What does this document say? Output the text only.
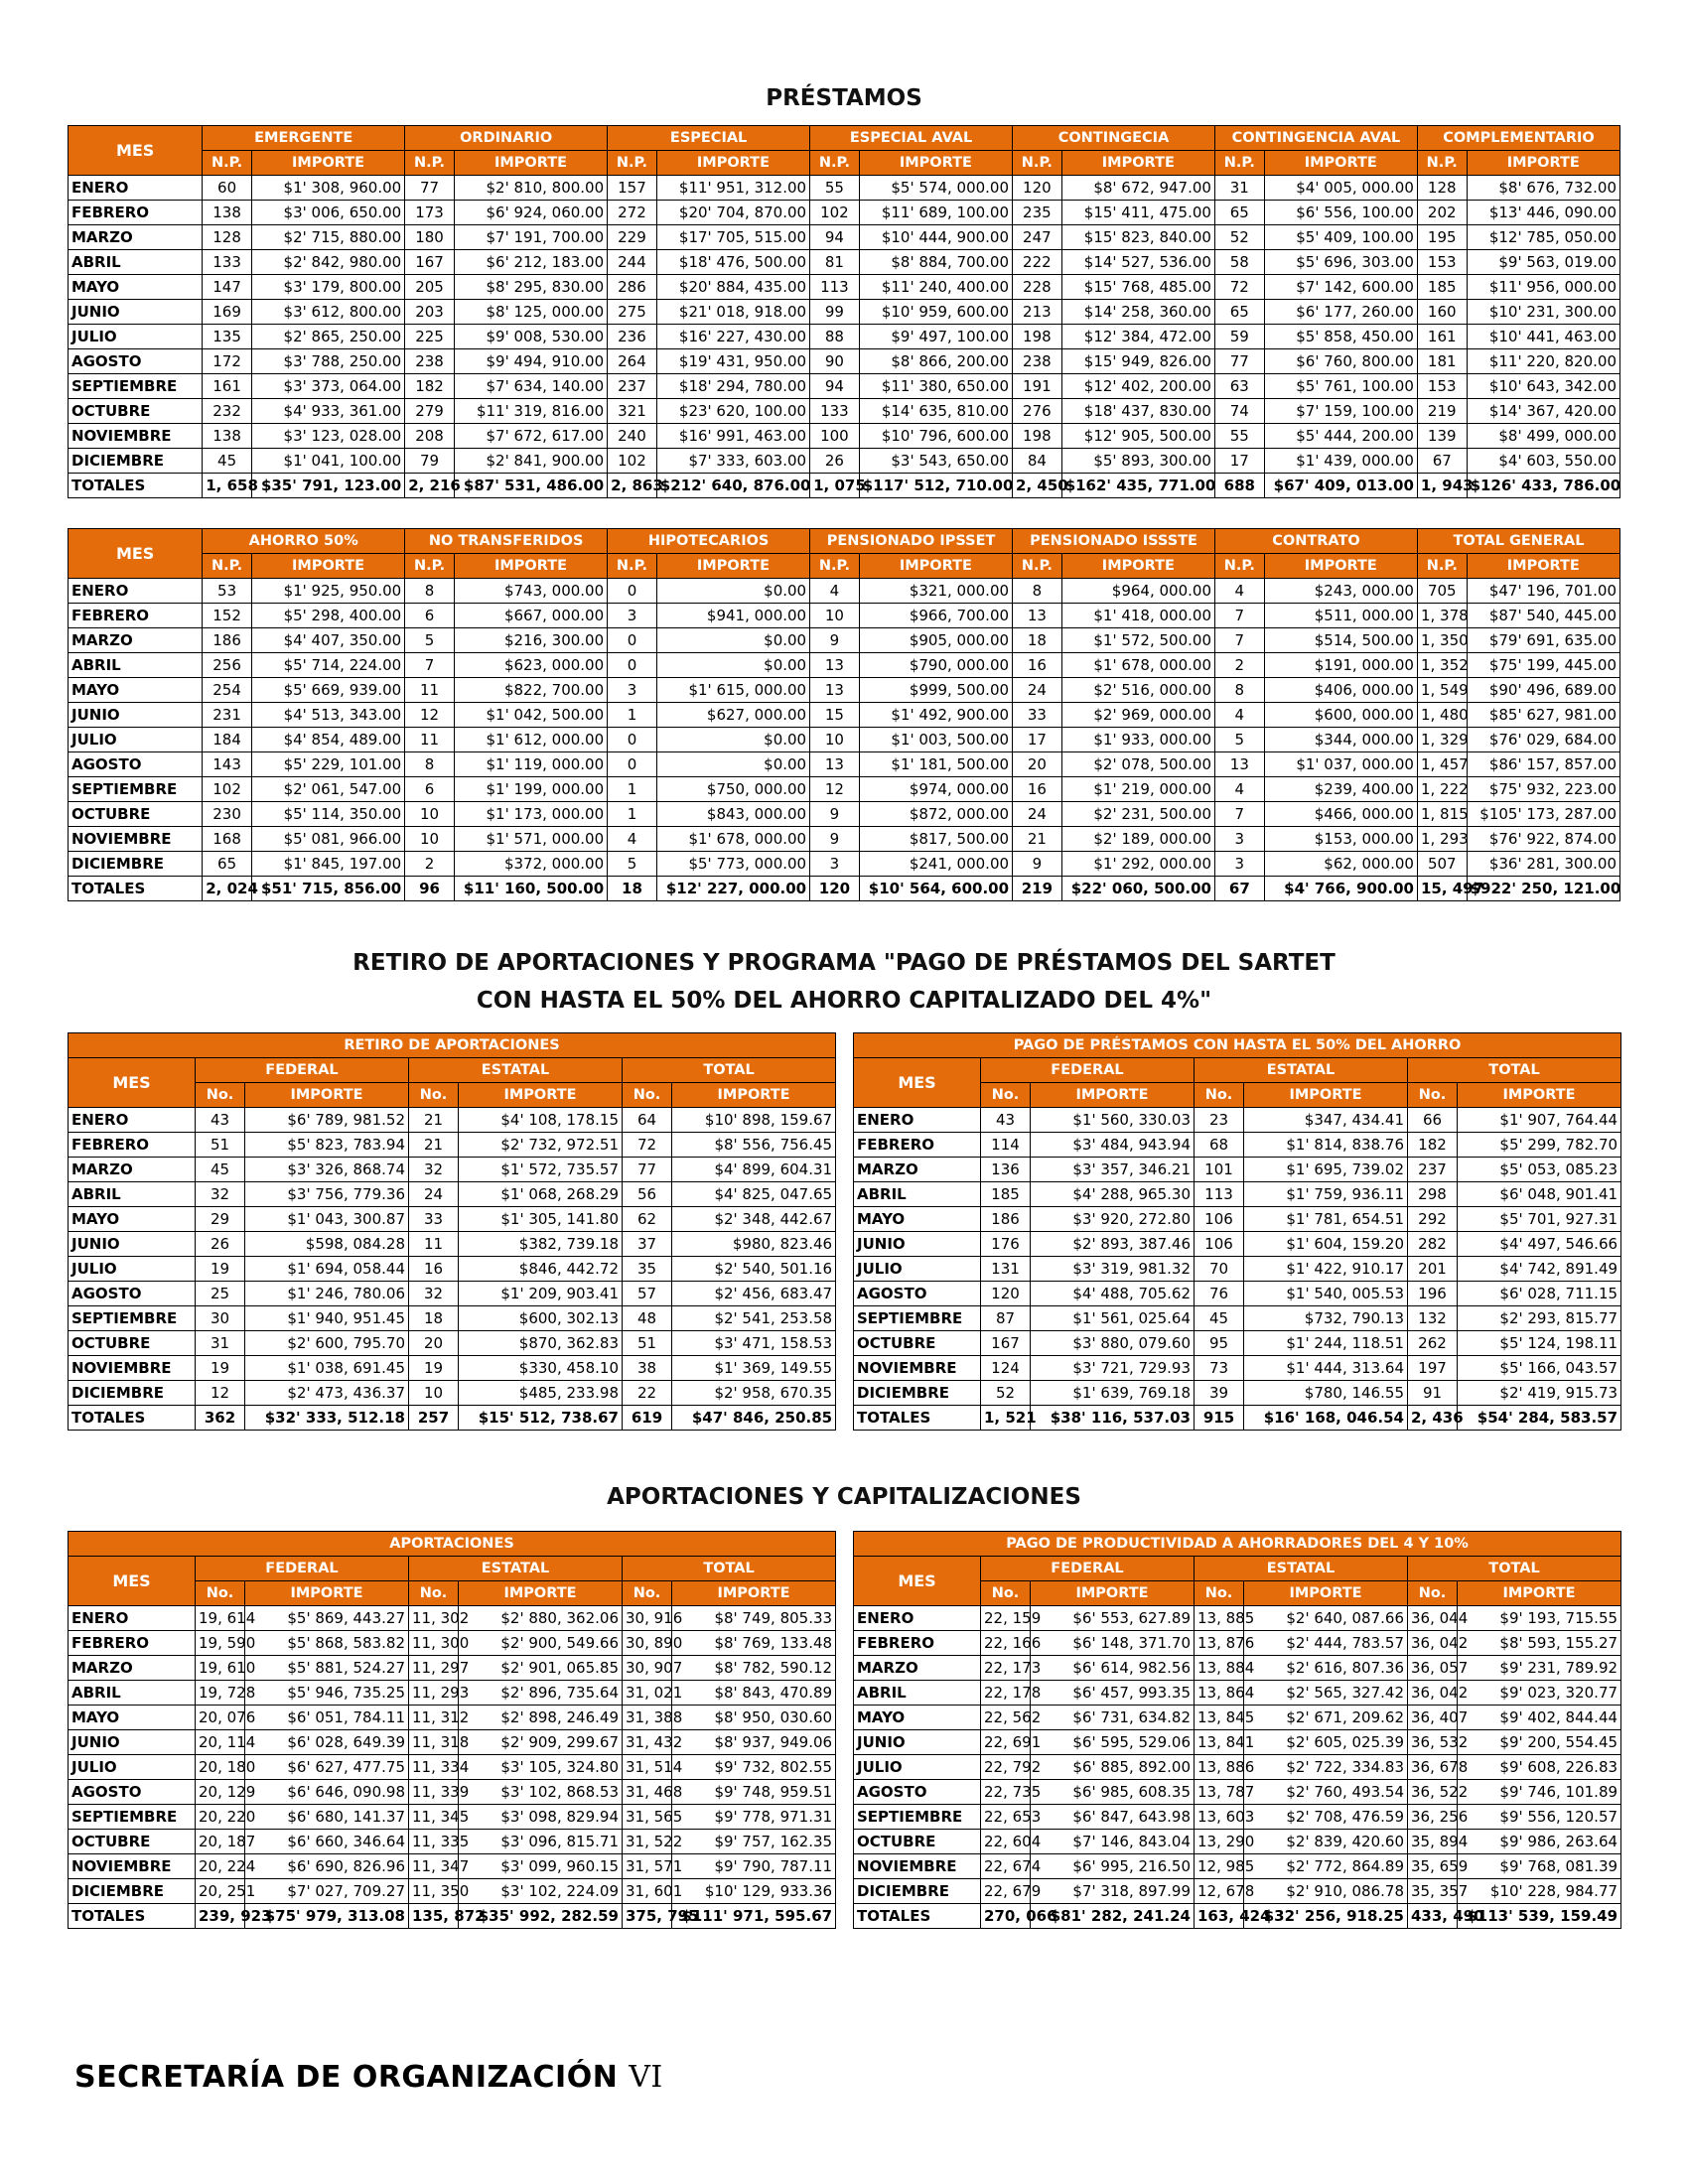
PRÉSTAMOS
MES	EMERGENTE		ORDINARIO		ESPECIAL		ESPECIAL AVAL		CONTINGECIA		CONTINGENCIA AVAL		COMPLEMENTARIO	
	N.P.	IMPORTE	N.P.	IMPORTE	N.P.	IMPORTE	N.P.	IMPORTE	N.P.	IMPORTE	N.P.	IMPORTE	N.P.	IMPORTE
ENERO	60	$1' 308, 960.00	77	$2' 810, 800.00	157	$11' 951, 312.00	55	$5' 574, 000.00	120	$8' 672, 947.00	31	$4' 005, 000.00	128	$8' 676, 732.00
FEBRERO	138	$3' 006, 650.00	173	$6' 924, 060.00	272	$20' 704, 870.00	102	$11' 689, 100.00	235	$15' 411, 475.00	65	$6' 556, 100.00	202	$13' 446, 090.00
MARZO	128	$2' 715, 880.00	180	$7' 191, 700.00	229	$17' 705, 515.00	94	$10' 444, 900.00	247	$15' 823, 840.00	52	$5' 409, 100.00	195	$12' 785, 050.00
ABRIL	133	$2' 842, 980.00	167	$6' 212, 183.00	244	$18' 476, 500.00	81	$8' 884, 700.00	222	$14' 527, 536.00	58	$5' 696, 303.00	153	$9' 563, 019.00
MAYO	147	$3' 179, 800.00	205	$8' 295, 830.00	286	$20' 884, 435.00	113	$11' 240, 400.00	228	$15' 768, 485.00	72	$7' 142, 600.00	185	$11' 956, 000.00
JUNIO	169	$3' 612, 800.00	203	$8' 125, 000.00	275	$21' 018, 918.00	99	$10' 959, 600.00	213	$14' 258, 360.00	65	$6' 177, 260.00	160	$10' 231, 300.00
JULIO	135	$2' 865, 250.00	225	$9' 008, 530.00	236	$16' 227, 430.00	88	$9' 497, 100.00	198	$12' 384, 472.00	59	$5' 858, 450.00	161	$10' 441, 463.00
AGOSTO	172	$3' 788, 250.00	238	$9' 494, 910.00	264	$19' 431, 950.00	90	$8' 866, 200.00	238	$15' 949, 826.00	77	$6' 760, 800.00	181	$11' 220, 820.00
SEPTIEMBRE	161	$3' 373, 064.00	182	$7' 634, 140.00	237	$18' 294, 780.00	94	$11' 380, 650.00	191	$12' 402, 200.00	63	$5' 761, 100.00	153	$10' 643, 342.00
OCTUBRE	232	$4' 933, 361.00	279	$11' 319, 816.00	321	$23' 620, 100.00	133	$14' 635, 810.00	276	$18' 437, 830.00	74	$7' 159, 100.00	219	$14' 367, 420.00
NOVIEMBRE	138	$3' 123, 028.00	208	$7' 672, 617.00	240	$16' 991, 463.00	100	$10' 796, 600.00	198	$12' 905, 500.00	55	$5' 444, 200.00	139	$8' 499, 000.00
DICIEMBRE	45	$1' 041, 100.00	79	$2' 841, 900.00	102	$7' 333, 603.00	26	$3' 543, 650.00	84	$5' 893, 300.00	17	$1' 439, 000.00	67	$4' 603, 550.00
TOTALES	1, 658	$35' 791, 123.00	2, 216	$87' 531, 486.00	2, 863	$212' 640, 876.00	1, 075	$117' 512, 710.00	2, 450	$162' 435, 771.00	688	$67' 409, 013.00	1, 943	$126' 433, 786.00
MES	AHORRO 50%		NO TRANSFERIDOS		HIPOTECARIOS		PENSIONADO IPSSET		PENSIONADO ISSSTE		CONTRATO		TOTAL GENERAL	
	N.P.	IMPORTE	N.P.	IMPORTE	N.P.	IMPORTE	N.P.	IMPORTE	N.P.	IMPORTE	N.P.	IMPORTE	N.P.	IMPORTE
ENERO	53	$1' 925, 950.00	8	$743, 000.00	0	$0.00	4	$321, 000.00	8	$964, 000.00	4	$243, 000.00	705	$47' 196, 701.00
FEBRERO	152	$5' 298, 400.00	6	$667, 000.00	3	$941, 000.00	10	$966, 700.00	13	$1' 418, 000.00	7	$511, 000.00	1, 378	$87' 540, 445.00
MARZO	186	$4' 407, 350.00	5	$216, 300.00	0	$0.00	9	$905, 000.00	18	$1' 572, 500.00	7	$514, 500.00	1, 350	$79' 691, 635.00
ABRIL	256	$5' 714, 224.00	7	$623, 000.00	0	$0.00	13	$790, 000.00	16	$1' 678, 000.00	2	$191, 000.00	1, 352	$75' 199, 445.00
MAYO	254	$5' 669, 939.00	11	$822, 700.00	3	$1' 615, 000.00	13	$999, 500.00	24	$2' 516, 000.00	8	$406, 000.00	1, 549	$90' 496, 689.00
JUNIO	231	$4' 513, 343.00	12	$1' 042, 500.00	1	$627, 000.00	15	$1' 492, 900.00	33	$2' 969, 000.00	4	$600, 000.00	1, 480	$85' 627, 981.00
JULIO	184	$4' 854, 489.00	11	$1' 612, 000.00	0	$0.00	10	$1' 003, 500.00	17	$1' 933, 000.00	5	$344, 000.00	1, 329	$76' 029, 684.00
AGOSTO	143	$5' 229, 101.00	8	$1' 119, 000.00	0	$0.00	13	$1' 181, 500.00	20	$2' 078, 500.00	13	$1' 037, 000.00	1, 457	$86' 157, 857.00
SEPTIEMBRE	102	$2' 061, 547.00	6	$1' 199, 000.00	1	$750, 000.00	12	$974, 000.00	16	$1' 219, 000.00	4	$239, 400.00	1, 222	$75' 932, 223.00
OCTUBRE	230	$5' 114, 350.00	10	$1' 173, 000.00	1	$843, 000.00	9	$872, 000.00	24	$2' 231, 500.00	7	$466, 000.00	1, 815	$105' 173, 287.00
NOVIEMBRE	168	$5' 081, 966.00	10	$1' 571, 000.00	4	$1' 678, 000.00	9	$817, 500.00	21	$2' 189, 000.00	3	$153, 000.00	1, 293	$76' 922, 874.00
DICIEMBRE	65	$1' 845, 197.00	2	$372, 000.00	5	$5' 773, 000.00	3	$241, 000.00	9	$1' 292, 000.00	3	$62, 000.00	507	$36' 281, 300.00
TOTALES	2, 024	$51' 715, 856.00	96	$11' 160, 500.00	18	$12' 227, 000.00	120	$10' 564, 600.00	219	$22' 060, 500.00	67	$4' 766, 900.00	15, 497	$922' 250, 121.00
RETIRO DE APORTACIONES Y PROGRAMA "PAGO DE PRÉSTAMOS DEL SARTET
CON HASTA EL 50% DEL AHORRO CAPITALIZADO DEL 4%"
RETIRO DE APORTACIONES						
MES	FEDERAL		ESTATAL		TOTAL	
	No.	IMPORTE	No.	IMPORTE	No.	IMPORTE
ENERO	43	$6' 789, 981.52	21	$4' 108, 178.15	64	$10' 898, 159.67
FEBRERO	51	$5' 823, 783.94	21	$2' 732, 972.51	72	$8' 556, 756.45
MARZO	45	$3' 326, 868.74	32	$1' 572, 735.57	77	$4' 899, 604.31
ABRIL	32	$3' 756, 779.36	24	$1' 068, 268.29	56	$4' 825, 047.65
MAYO	29	$1' 043, 300.87	33	$1' 305, 141.80	62	$2' 348, 442.67
JUNIO	26	$598, 084.28	11	$382, 739.18	37	$980, 823.46
JULIO	19	$1' 694, 058.44	16	$846, 442.72	35	$2' 540, 501.16
AGOSTO	25	$1' 246, 780.06	32	$1' 209, 903.41	57	$2' 456, 683.47
SEPTIEMBRE	30	$1' 940, 951.45	18	$600, 302.13	48	$2' 541, 253.58
OCTUBRE	31	$2' 600, 795.70	20	$870, 362.83	51	$3' 471, 158.53
NOVIEMBRE	19	$1' 038, 691.45	19	$330, 458.10	38	$1' 369, 149.55
DICIEMBRE	12	$2' 473, 436.37	10	$485, 233.98	22	$2' 958, 670.35
TOTALES	362	$32' 333, 512.18	257	$15' 512, 738.67	619	$47' 846, 250.85
PAGO DE PRÉSTAMOS CON HASTA EL 50% DEL AHORRO						
MES	FEDERAL		ESTATAL		TOTAL	
	No.	IMPORTE	No.	IMPORTE	No.	IMPORTE
ENERO	43	$1' 560, 330.03	23	$347, 434.41	66	$1' 907, 764.44
FEBRERO	114	$3' 484, 943.94	68	$1' 814, 838.76	182	$5' 299, 782.70
MARZO	136	$3' 357, 346.21	101	$1' 695, 739.02	237	$5' 053, 085.23
ABRIL	185	$4' 288, 965.30	113	$1' 759, 936.11	298	$6' 048, 901.41
MAYO	186	$3' 920, 272.80	106	$1' 781, 654.51	292	$5' 701, 927.31
JUNIO	176	$2' 893, 387.46	106	$1' 604, 159.20	282	$4' 497, 546.66
JULIO	131	$3' 319, 981.32	70	$1' 422, 910.17	201	$4' 742, 891.49
AGOSTO	120	$4' 488, 705.62	76	$1' 540, 005.53	196	$6' 028, 711.15
SEPTIEMBRE	87	$1' 561, 025.64	45	$732, 790.13	132	$2' 293, 815.77
OCTUBRE	167	$3' 880, 079.60	95	$1' 244, 118.51	262	$5' 124, 198.11
NOVIEMBRE	124	$3' 721, 729.93	73	$1' 444, 313.64	197	$5' 166, 043.57
DICIEMBRE	52	$1' 639, 769.18	39	$780, 146.55	91	$2' 419, 915.73
TOTALES	1, 521	$38' 116, 537.03	915	$16' 168, 046.54	2, 436	$54' 284, 583.57
APORTACIONES Y CAPITALIZACIONES
APORTACIONES						
MES	FEDERAL		ESTATAL		TOTAL	
	No.	IMPORTE	No.	IMPORTE	No.	IMPORTE
ENERO	19, 614	$5' 869, 443.27	11, 302	$2' 880, 362.06	30, 916	$8' 749, 805.33
FEBRERO	19, 590	$5' 868, 583.82	11, 300	$2' 900, 549.66	30, 890	$8' 769, 133.48
MARZO	19, 610	$5' 881, 524.27	11, 297	$2' 901, 065.85	30, 907	$8' 782, 590.12
ABRIL	19, 728	$5' 946, 735.25	11, 293	$2' 896, 735.64	31, 021	$8' 843, 470.89
MAYO	20, 076	$6' 051, 784.11	11, 312	$2' 898, 246.49	31, 388	$8' 950, 030.60
JUNIO	20, 114	$6' 028, 649.39	11, 318	$2' 909, 299.67	31, 432	$8' 937, 949.06
JULIO	20, 180	$6' 627, 477.75	11, 334	$3' 105, 324.80	31, 514	$9' 732, 802.55
AGOSTO	20, 129	$6' 646, 090.98	11, 339	$3' 102, 868.53	31, 468	$9' 748, 959.51
SEPTIEMBRE	20, 220	$6' 680, 141.37	11, 345	$3' 098, 829.94	31, 565	$9' 778, 971.31
OCTUBRE	20, 187	$6' 660, 346.64	11, 335	$3' 096, 815.71	31, 522	$9' 757, 162.35
NOVIEMBRE	20, 224	$6' 690, 826.96	11, 347	$3' 099, 960.15	31, 571	$9' 790, 787.11
DICIEMBRE	20, 251	$7' 027, 709.27	11, 350	$3' 102, 224.09	31, 601	$10' 129, 933.36
TOTALES	239, 923	$75' 979, 313.08	135, 872	$35' 992, 282.59	375, 795	$111' 971, 595.67
PAGO DE PRODUCTIVIDAD A AHORRADORES DEL 4 Y 10%						
MES	FEDERAL		ESTATAL		TOTAL	
	No.	IMPORTE	No.	IMPORTE	No.	IMPORTE
ENERO	22, 159	$6' 553, 627.89	13, 885	$2' 640, 087.66	36, 044	$9' 193, 715.55
FEBRERO	22, 166	$6' 148, 371.70	13, 876	$2' 444, 783.57	36, 042	$8' 593, 155.27
MARZO	22, 173	$6' 614, 982.56	13, 884	$2' 616, 807.36	36, 057	$9' 231, 789.92
ABRIL	22, 178	$6' 457, 993.35	13, 864	$2' 565, 327.42	36, 042	$9' 023, 320.77
MAYO	22, 562	$6' 731, 634.82	13, 845	$2' 671, 209.62	36, 407	$9' 402, 844.44
JUNIO	22, 691	$6' 595, 529.06	13, 841	$2' 605, 025.39	36, 532	$9' 200, 554.45
JULIO	22, 792	$6' 885, 892.00	13, 886	$2' 722, 334.83	36, 678	$9' 608, 226.83
AGOSTO	22, 735	$6' 985, 608.35	13, 787	$2' 760, 493.54	36, 522	$9' 746, 101.89
SEPTIEMBRE	22, 653	$6' 847, 643.98	13, 603	$2' 708, 476.59	36, 256	$9' 556, 120.57
OCTUBRE	22, 604	$7' 146, 843.04	13, 290	$2' 839, 420.60	35, 894	$9' 986, 263.64
NOVIEMBRE	22, 674	$6' 995, 216.50	12, 985	$2' 772, 864.89	35, 659	$9' 768, 081.39
DICIEMBRE	22, 679	$7' 318, 897.99	12, 678	$2' 910, 086.78	35, 357	$10' 228, 984.77
TOTALES	270, 066	$81' 282, 241.24	163, 424	$32' 256, 918.25	433, 490	$113' 539, 159.49
SECRETARÍA DE ORGANIZACIÓN VI
